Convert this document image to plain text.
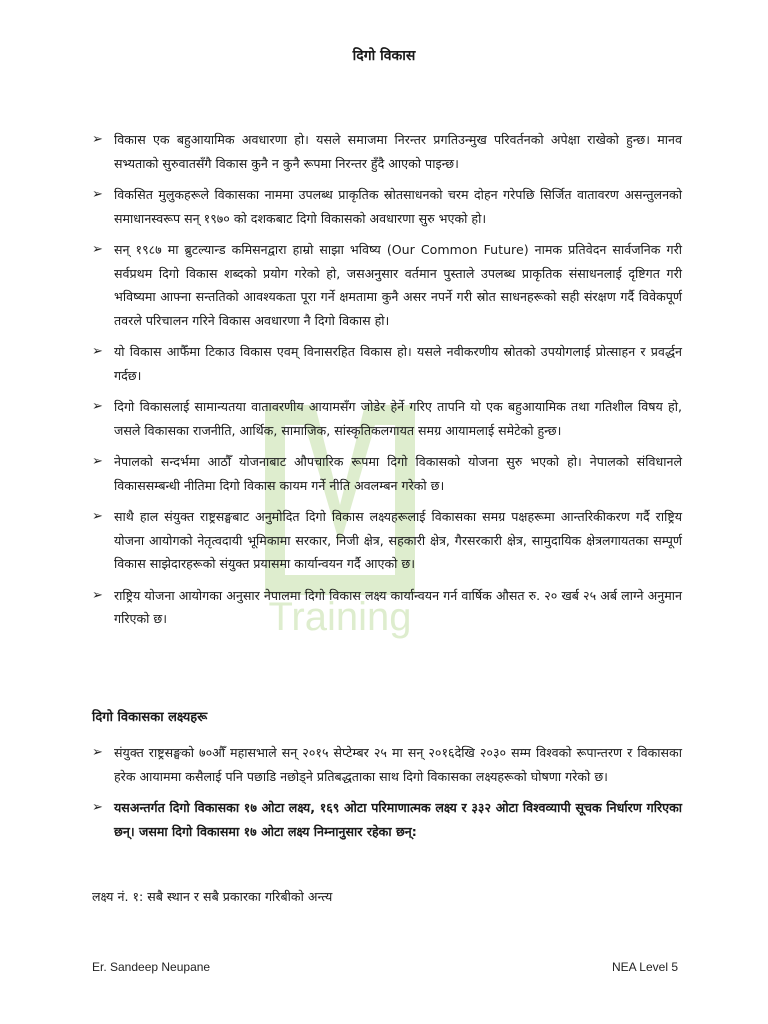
Training
दिगो विकास
➢ विकास एक बहुआयामिक अवधारणा हो। यसले समाजमा निरन्तर प्रगतिउन्मुख परिवर्तनको अपेक्षा राखेको हुन्छ। मानव सभ्यताको सुरुवातसँगै विकास कुनै न कुनै रूपमा निरन्तर हुँदै आएको पाइन्छ।
➢ विकसित मुलुकहरूले विकासका नाममा उपलब्ध प्राकृतिक स्रोतसाधनको चरम दोहन गरेपछि सिर्जित वातावरण असन्तुलनको समाधानस्वरूप सन् १९७० को दशकबाट दिगो विकासको अवधारणा सुरु भएको हो।
➢ सन् १९८७ मा ब्रुटल्यान्ड कमिसनद्वारा हाम्रो साझा भविष्य (Our Common Future) नामक प्रतिवेदन सार्वजनिक गरी सर्वप्रथम दिगो विकास शब्दको प्रयोग गरेको हो, जसअनुसार वर्तमान पुस्ताले उपलब्ध प्राकृतिक संसाधनलाई दृष्टिगत गरी भविष्यमा आफ्ना सन्ततिको आवश्यकता पूरा गर्ने क्षमतामा कुनै असर नपर्ने गरी स्रोत साधनहरूको सही संरक्षण गर्दै विवेकपूर्ण तवरले परिचालन गरिने विकास अवधारणा नै दिगो विकास हो।
➢ यो विकास आफैँमा टिकाउ विकास एवम् विनासरहित विकास हो। यसले नवीकरणीय स्रोतको उपयोगलाई प्रोत्साहन र प्रवर्द्धन गर्दछ।
➢ दिगो विकासलाई सामान्यतया वातावरणीय आयामसँग जोडेर हेर्ने गरिए तापनि यो एक बहुआयामिक तथा गतिशील विषय हो, जसले विकासका राजनीति, आर्थिक, सामाजिक, सांस्कृतिकलगायत समग्र आयामलाई समेटेको हुन्छ।
➢ नेपालको सन्दर्भमा आठौँ योजनाबाट औपचारिक रूपमा दिगो विकासको योजना सुरु भएको हो। नेपालको संविधानले विकाससम्बन्धी नीतिमा दिगो विकास कायम गर्ने नीति अवलम्बन गरेको छ।
➢ साथै हाल संयुक्त राष्ट्रसङ्घबाट अनुमोदित दिगो विकास लक्ष्यहरूलाई विकासका समग्र पक्षहरूमा आन्तरिकीकरण गर्दै राष्ट्रिय योजना आयोगको नेतृत्वदायी भूमिकामा सरकार, निजी क्षेत्र, सहकारी क्षेत्र, गैरसरकारी क्षेत्र, सामुदायिक क्षेत्रलगायतका सम्पूर्ण विकास साझेदारहरूको संयुक्त प्रयासमा कार्यान्वयन गर्दै आएको छ।
➢ राष्ट्रिय योजना आयोगका अनुसार नेपालमा दिगो विकास लक्ष्य कार्यान्वयन गर्न वार्षिक औसत रु. २० खर्ब २५ अर्ब लाग्ने अनुमान गरिएको छ।
दिगो विकासका लक्ष्यहरू
➢ संयुक्त राष्ट्रसङ्घको ७०औँ महासभाले सन् २०१५ सेप्टेम्बर २५ मा सन् २०१६देखि २०३० सम्म विश्वको रूपान्तरण र विकासका हरेक आयाममा कसैलाई पनि पछाडि नछोड्ने प्रतिबद्धताका साथ दिगो विकासका लक्ष्यहरूको घोषणा गरेको छ।
➢ यसअन्तर्गत दिगो विकासका १७ ओटा लक्ष्य, १६९ ओटा परिमाणात्मक लक्ष्य र ३३२ ओटा विश्वव्यापी सूचक निर्धारण गरिएका छन्। जसमा दिगो विकासमा १७ ओटा लक्ष्य निम्नानुसार रहेका छन्:
लक्ष्य नं. १: सबै स्थान र सबै प्रकारका गरिबीको अन्त्य
Er. Sandeep Neupane	NEA Level 5
